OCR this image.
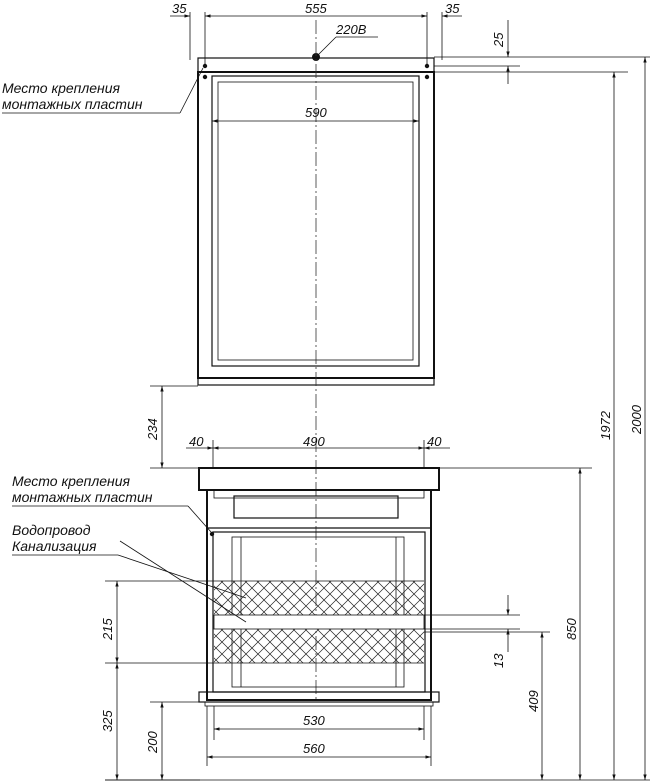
35	555	35
220В
590
25
1972 2000
Место крепления
монтажных пластин
234
40	490	40
Место крепления
монтажных пластин
Водопровод
Канализация
850
215
325
200
13
409
530
560
